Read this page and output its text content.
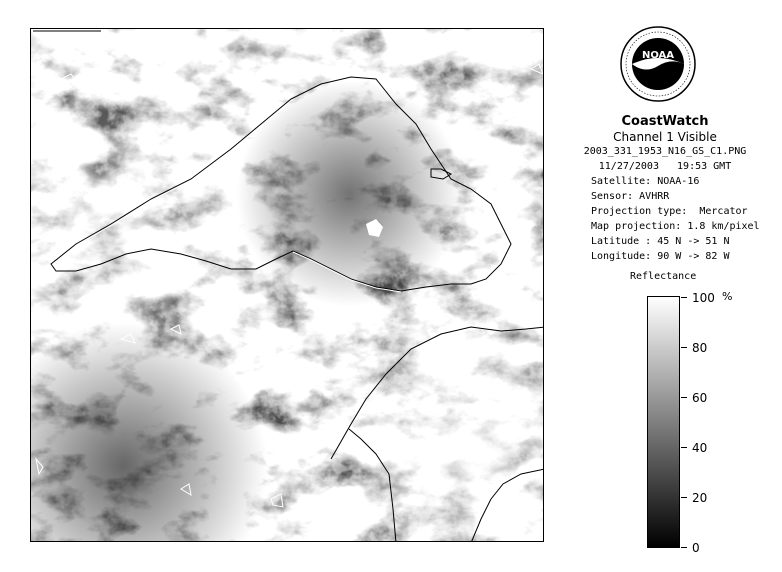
NOAA
CoastWatch
Channel 1 Visible
2003_331_1953_N16_GS_C1.PNG
11/27/2003   19:53 GMT
Satellite: NOAA-16
Sensor: AVHRR
Projection type:  Mercator
Map projection: 1.8 km/pixel
Latitude : 45 N -> 51 N
Longitude: 90 W -> 82 W
Reflectance
%
100
80
60
40
20
0
